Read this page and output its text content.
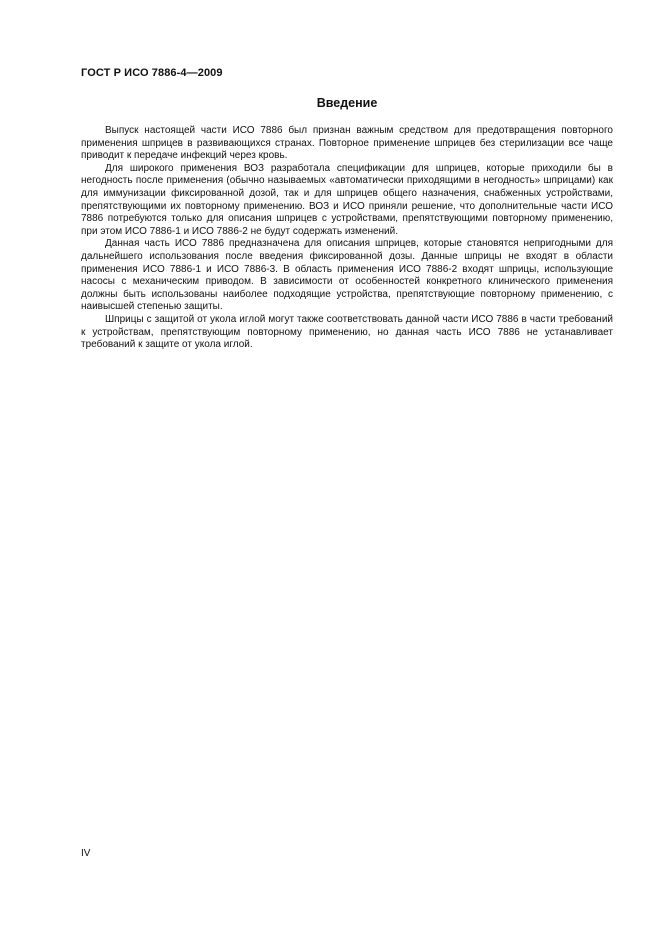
ГОСТ Р ИСО 7886-4—2009
Введение

Выпуск настоящей части ИСО 7886 был признан важным средством для предотвращения повторного применения шприцев в развивающихся странах. Повторное применение шприцев без стерилизации все чаще приводит к передаче инфекций через кровь.

Для широкого применения ВОЗ разработала спецификации для шприцев, которые приходили бы в негодность после применения (обычно называемых «автоматически приходящими в негодность» шприцами) как для иммунизации фиксированной дозой, так и для шприцев общего назначения, снабженных устройствами, препятствующими их повторному применению. ВОЗ и ИСО приняли решение, что дополнительные части ИСО 7886 потребуются только для описания шприцев с устройствами, препятствующими повторному применению, при этом ИСО 7886-1 и ИСО 7886-2 не будут содержать изменений.

Данная часть ИСО 7886 предназначена для описания шприцев, которые становятся непригодными для дальнейшего использования после введения фиксированной дозы. Данные шприцы не входят в области применения ИСО 7886-1 и ИСО 7886-3. В область применения ИСО 7886-2 входят шприцы, использующие насосы с механическим приводом. В зависимости от особенностей конкретного клинического применения должны быть использованы наиболее подходящие устройства, препятствующие повторному применению, с наивысшей степенью защиты.

Шприцы с защитой от укола иглой могут также соответствовать данной части ИСО 7886 в части требований к устройствам, препятствующим повторному применению, но данная часть ИСО 7886 не устанавливает требований к защите от укола иглой.

IV
